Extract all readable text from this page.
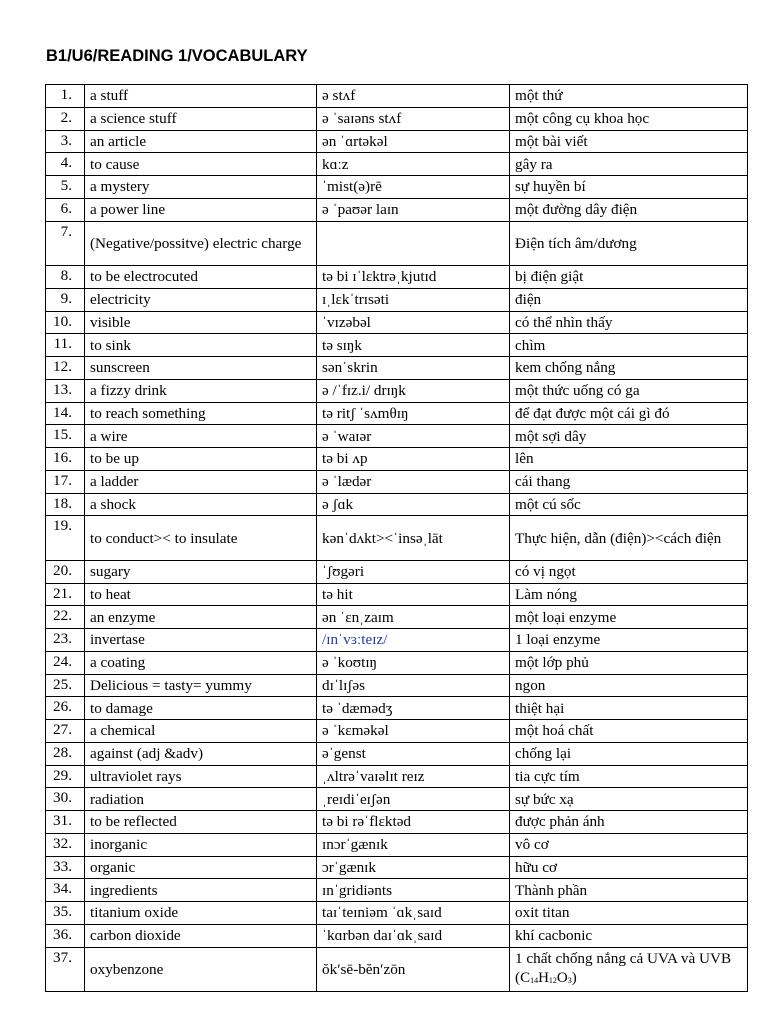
B1/U6/READING 1/VOCABULARY
1.	a stuff	ə stʌf	một thứ
2.	a science stuff	ə ˈsaɪəns stʌf	một công cụ khoa học
3.	an article	ən ˈɑrtəkəl	một bài viết
4.	to cause	kɑːz	gây ra
5.	a mystery	ˈmist(ə)rē	sự huyền bí
6.	a power line	ə ˈpaʊər laɪn	một đường dây điện
7.	(Negative/possitve) electric charge		Điện tích âm/dương
8.	to be electrocuted	tə bi ɪˈlɛktrəˌkjutɪd	bị điện giật
9.	electricity	ɪˌlɛkˈtrɪsəti	điện
10.	visible	ˈvɪzəbəl	có thể nhìn thấy
11.	to sink	tə sɪŋk	chìm
12.	sunscreen	sənˈskrin	kem chống nắng
13.	a fizzy drink	ə /ˈfɪz.i/ drɪŋk	một thức uống có ga
14.	to reach something	tə ritʃ ˈsʌmθɪŋ	để đạt được một cái gì đó
15.	a wire	ə ˈwaɪər	một sợi dây
16.	to be up	tə bi ʌp	lên
17.	a ladder	ə ˈlædər	cái thang
18.	a shock	ə ʃɑk	một cú sốc
19.	to conduct>< to insulate	kənˈdʌkt><ˈinsəˌlāt	Thực hiện, dẫn (điện)><cách điện
20.	sugary	ˈʃʊgəri	có vị ngọt
21.	to heat	tə hit	Làm nóng
22.	an enzyme	ən ˈɛnˌzaɪm	một loại enzyme
23.	invertase	/ɪnˈvɜːteɪz/	1 loại enzyme
24.	a coating	ə ˈkoʊtɪŋ	một lớp phủ
25.	Delicious = tasty= yummy	dɪˈlɪʃəs	ngon
26.	to damage	tə ˈdæmədʒ	thiệt hại
27.	a chemical	ə ˈkɛməkəl	một hoá chất
28.	against (adj &adv)	əˈgenst	chống lại
29.	ultraviolet rays	ˌʌltrəˈvaɪəlɪt reɪz	tia cực tím
30.	radiation	ˌreɪdiˈeɪʃən	sự bức xạ
31.	to be reflected	tə bi rəˈflɛktəd	được phản ánh
32.	inorganic	ɪnɔrˈgænɪk	vô cơ
33.	organic	ɔrˈgænɪk	hữu cơ
34.	ingredients	ɪnˈgridiənts	Thành phần
35.	titanium oxide	taɪˈteɪniəm ˈɑkˌsaɪd	oxit titan
36.	carbon dioxide	ˈkɑrbən daɪˈɑkˌsaɪd	khí cacbonic
37.	oxybenzone	ŏk′sē-bĕn′zōn	1 chất chống nắng cả UVA và UVB $(C_{14}H_{12}O_3)$
